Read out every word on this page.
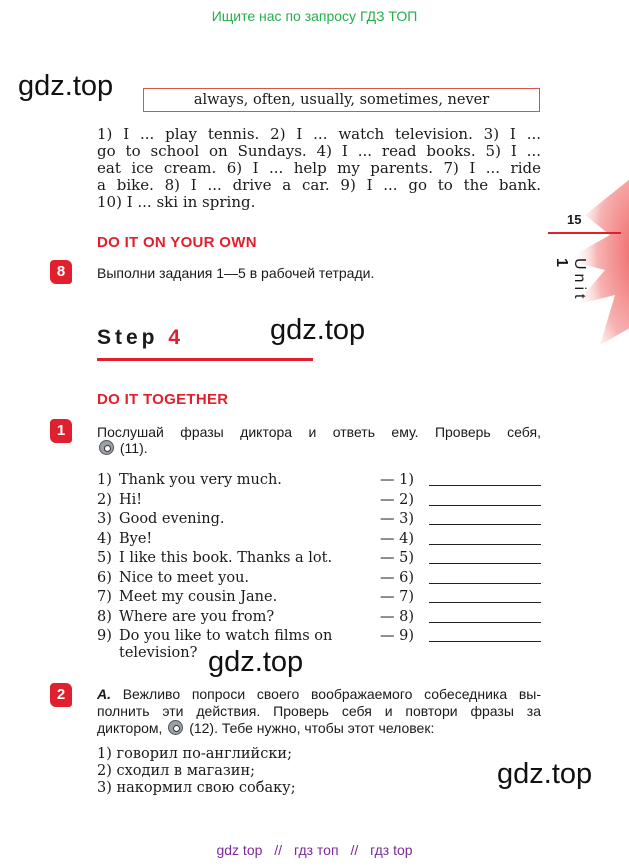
Ищите нас по запросу ГДЗ ТОП
15
Unit 1
gdz.top	always, often, usually, sometimes, never
1) I ... play tennis. 2) I ... watch television. 3) I ...
go to school on Sundays. 4) I ... read books. 5) I ...
eat ice cream. 6) I ... help my parents. 7) I ... ride
a bike. 8) I ... drive a car. 9) I ... go to the bank.
10) I ... ski in spring.
DO IT ON YOUR OWN
8	Выполни задания 1—5 в рабочей тетради.
Step 4	gdz.top
DO IT TOGETHER
1	Послушай фразы диктора и ответь ему. Проверь себя,
(11).
1) Thank you very much.	— 1)
2) Hi!	— 2)
3) Good evening.	— 3)
4) Bye!	— 4)
5) I like this book. Thanks a lot.	— 5)
6) Nice to meet you.	— 6)
7) Meet my cousin Jane.	— 7)
8) Where are you from?	— 8)
9) Do you like to watch films on	— 9)
television? gdz.top
2	A. Вежливо попроси своего воображаемого собеседника вы-
полнить эти действия. Проверь себя и повтори фразы за
диктором, (12). Тебе нужно, чтобы этот человек:
1) говорил по-английски;
2) сходил в магазин;
3) накормил свою собаку;	gdz.top
gdz top // гдз топ // гдз top
